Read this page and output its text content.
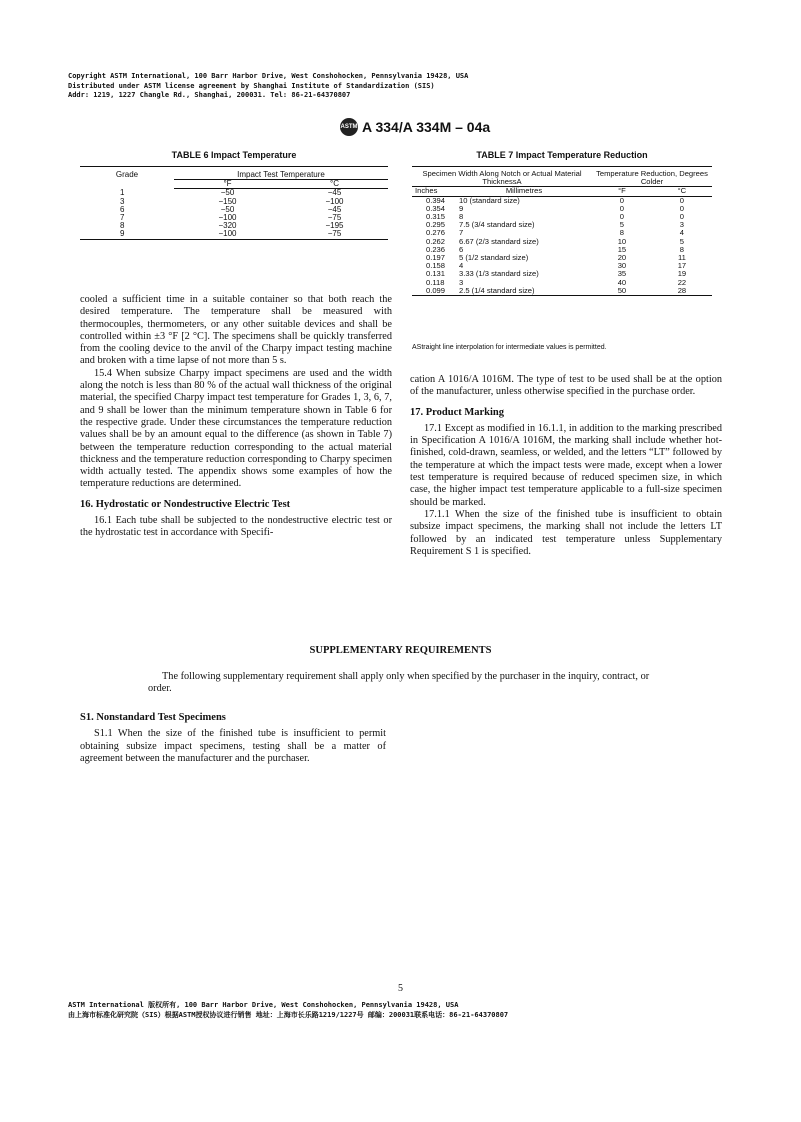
Copyright ASTM International, 100 Barr Harbor Drive, West Conshohocken, Pennsylvania 19428, USA
Distributed under ASTM license agreement by Shanghai Institute of Standardization (SIS)
Addr: 1219, 1227 Changle Rd., Shanghai, 200031. Tel: 86-21-64370807
ASTM A 334/A 334M – 04a
TABLE 6 Impact Temperature
Grade	Impact Test Temperature	
	°F	°C
1	−50	−45
3	−150	−100
6	−50	−45
7	−100	−75
8	−320	−195
9	−100	−75
TABLE 7 Impact Temperature Reduction
Specimen Width Along Notch or Actual Material ThicknessA		Temperature Reduction, Degrees Colder	
Inches	Millimetres	°F	°C
0.394	10 (standard size)	0	0
0.354	9	0	0
0.315	8	0	0
0.295	7.5 (3/4 standard size)	5	3
0.276	7	8	4
0.262	6.67 (2/3 standard size)	10	5
0.236	6	15	8
0.197	5 (1/2 standard size)	20	11
0.158	4	30	17
0.131	3.33 (1/3 standard size)	35	19
0.118	3	40	22
0.099	2.5 (1/4 standard size)	50	28
AStraight line interpolation for intermediate values is permitted.

cooled a sufficient time in a suitable container so that both reach the desired temperature. The temperature shall be measured with thermocouples, thermometers, or any other suitable devices and shall be controlled within ±3 °F [2 °C]. The specimens shall be quickly transferred from the cooling device to the anvil of the Charpy impact testing machine and broken with a time lapse of not more than 5 s.

15.4 When subsize Charpy impact specimens are used and the width along the notch is less than 80 % of the actual wall thickness of the original material, the specified Charpy impact test temperature for Grades 1, 3, 6, 7, and 9 shall be lower than the minimum temperature shown in Table 6 for the respective grade. Under these circumstances the temperature reduction values shall be by an amount equal to the difference (as shown in Table 7) between the temperature reduction corresponding to the actual material thickness and the temperature reduction corresponding to Charpy specimen width actually tested. The appendix shows some examples of how the temperature reductions are determined.

16. Hydrostatic or Nondestructive Electric Test

16.1 Each tube shall be subjected to the nondestructive electric test or the hydrostatic test in accordance with Specifi-

cation A 1016/A 1016M. The type of test to be used shall be at the option of the manufacturer, unless otherwise specified in the purchase order.

17. Product Marking

17.1 Except as modified in 16.1.1, in addition to the marking prescribed in Specification A 1016/A 1016M, the marking shall include whether hot-finished, cold-drawn, seamless, or welded, and the letters “LT” followed by the temperature at which the impact tests were made, except when a lower test temperature is required because of reduced specimen size, in which case, the higher impact test temperature applicable to a full-size specimen should be marked.

17.1.1 When the size of the finished tube is insufficient to obtain subsize impact specimens, the marking shall not include the letters LT followed by an indicated test temperature unless Supplementary Requirement S 1 is specified.

SUPPLEMENTARY REQUIREMENTS

The following supplementary requirement shall apply only when specified by the purchaser in the inquiry, contract, or order.

S1. Nonstandard Test Specimens

S1.1 When the size of the finished tube is insufficient to permit obtaining subsize impact specimens, testing shall be a matter of agreement between the manufacturer and the purchaser.

5
ASTM International 版权所有, 100 Barr Harbor Drive, West Conshohocken, Pennsylvania 19428, USA
由上海市标准化研究院（SIS）根据ASTM授权协议进行销售 地址：上海市长乐路1219/1227号 邮编：200031联系电话：86-21-64370807
